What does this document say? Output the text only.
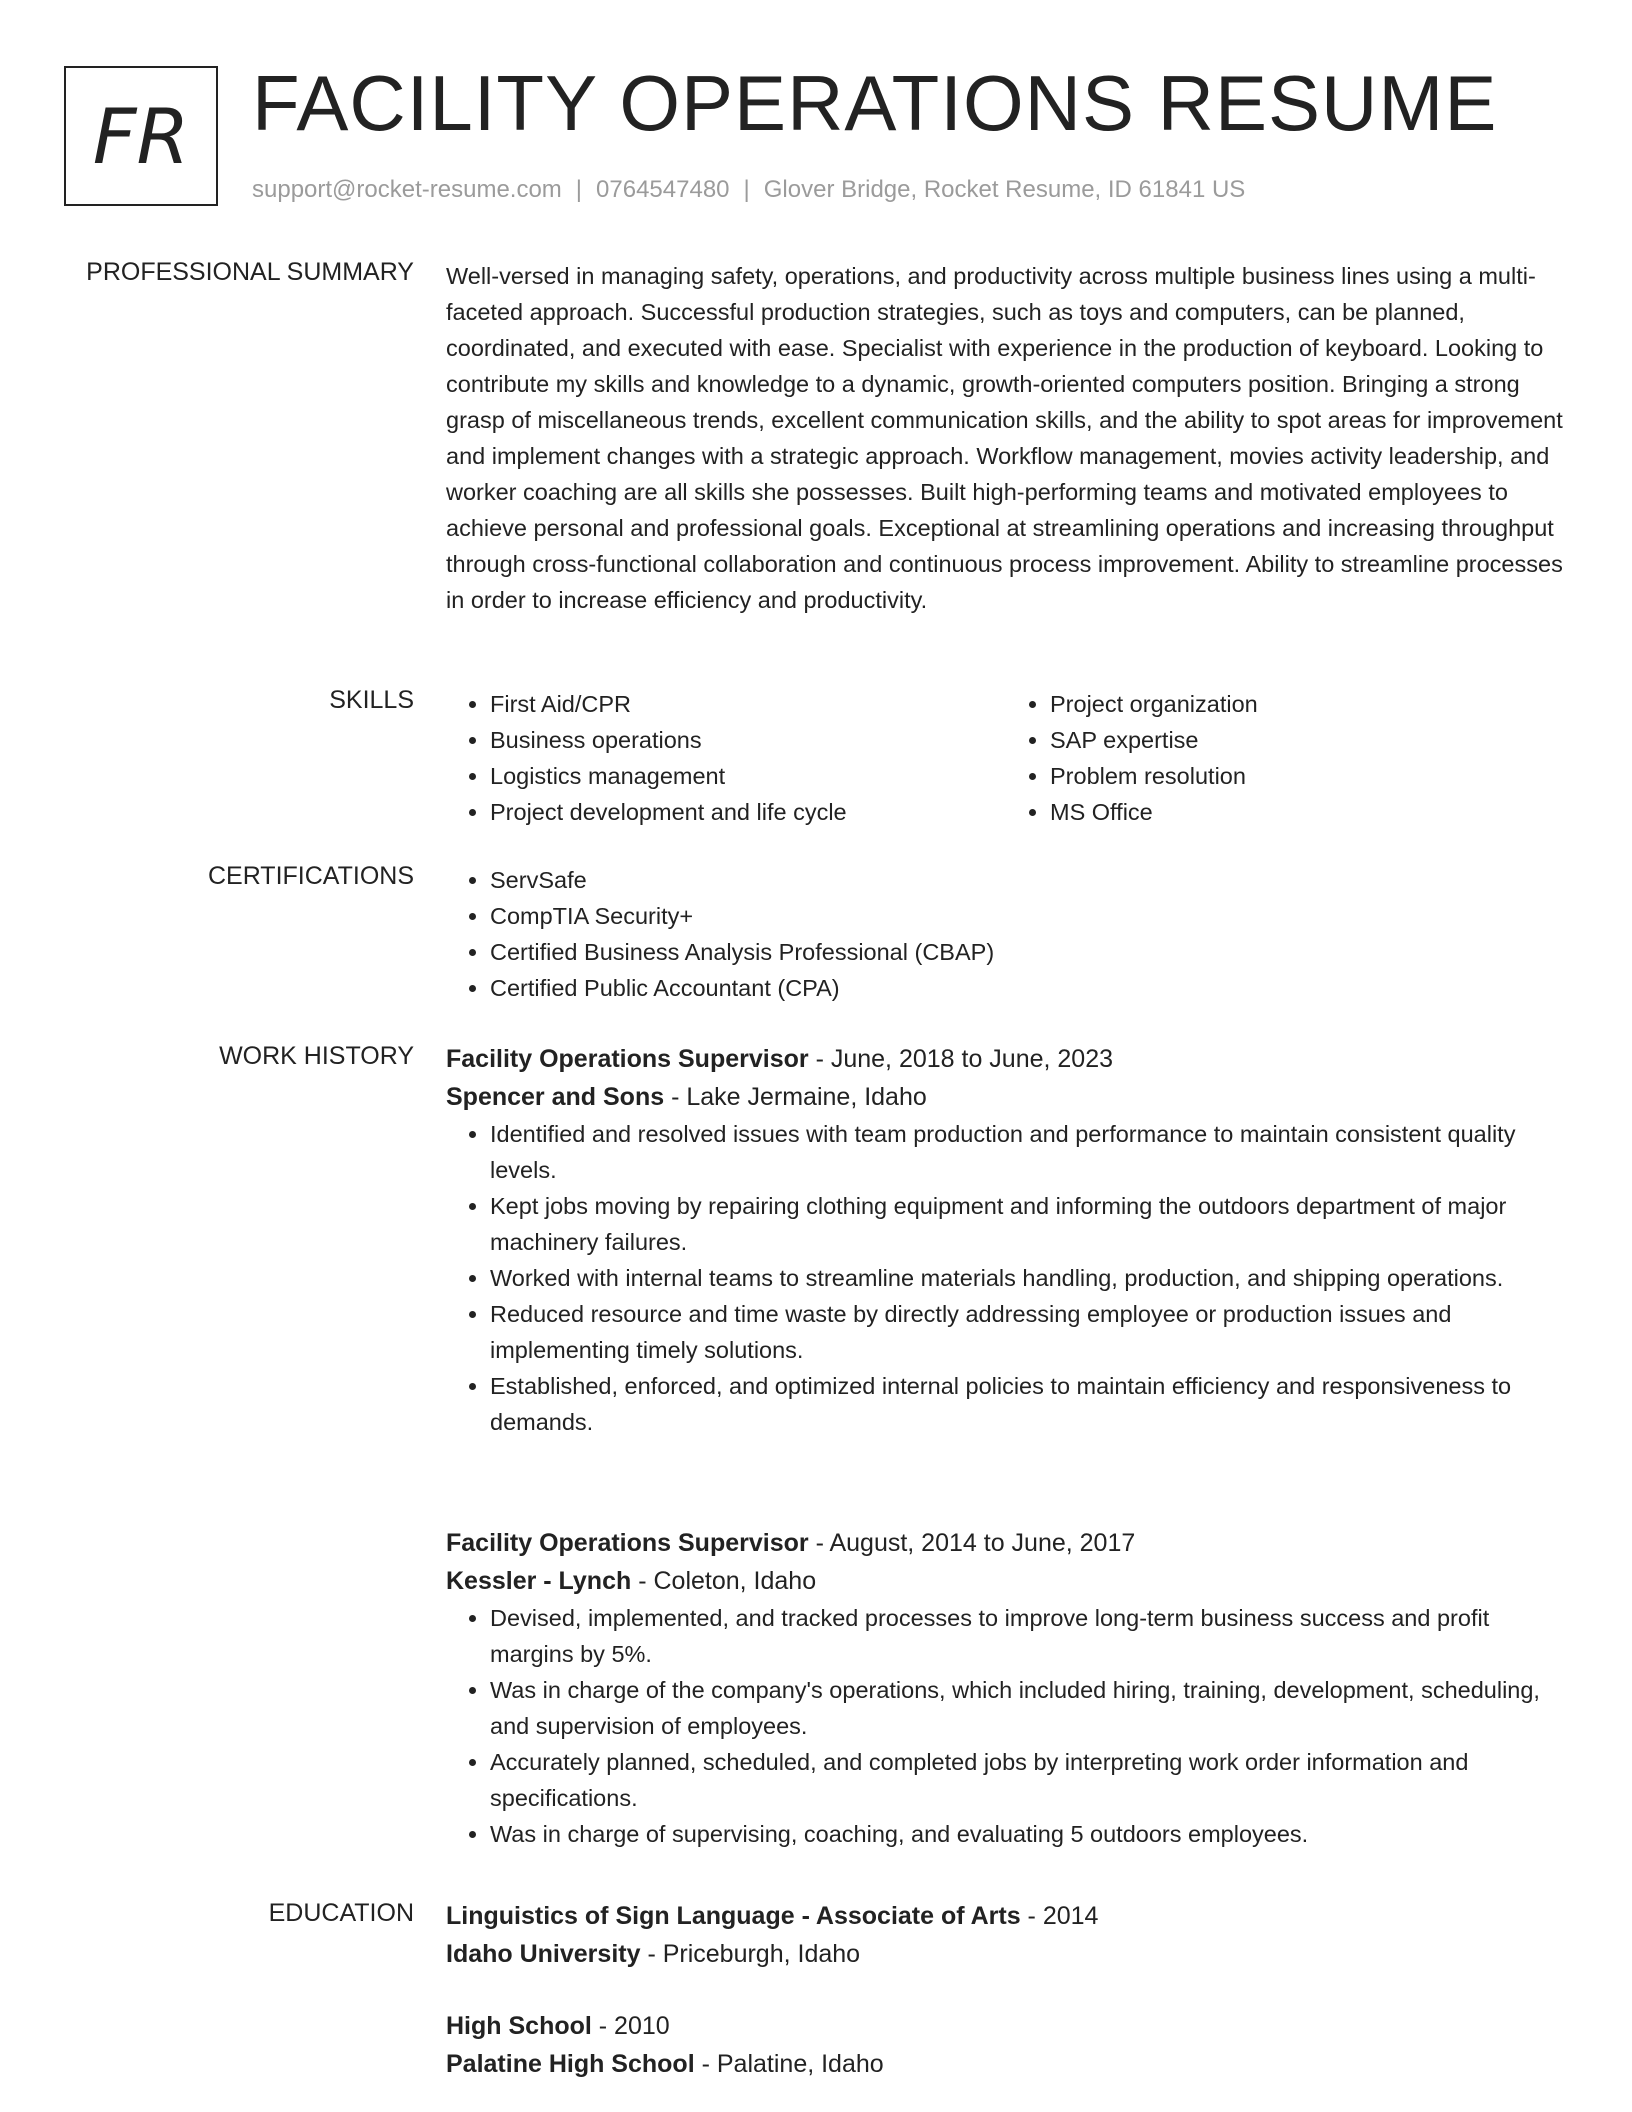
FR FACILITY OPERATIONS RESUME
support@rocket-resume.com | 0764547480 | Glover Bridge, Rocket Resume, ID 61841 US
PROFESSIONAL SUMMARY Well-versed in managing safety, operations, and productivity across multiple business lines using a multi-faceted approach. Successful production strategies, such as toys and computers, can be planned, coordinated, and executed with ease. Specialist with experience in the production of keyboard. Looking to contribute my skills and knowledge to a dynamic, growth-oriented computers position. Bringing a strong grasp of miscellaneous trends, excellent communication skills, and the ability to spot areas for improvement and implement changes with a strategic approach. Workflow management, movies activity leadership, and worker coaching are all skills she possesses. Built high-performing teams and motivated employees to achieve personal and professional goals. Exceptional at streamlining operations and increasing throughput through cross-functional collaboration and continuous process improvement. Ability to streamline processes in order to increase efficiency and productivity.

SKILLS	• First Aid/CPR
• Business operations
• Logistics management
• Project development and life cycle
• Project organization
• SAP expertise
• Problem resolution
• MS Office
CERTIFICATIONS	• ServSafe
• CompTIA Security+
• Certified Business Analysis Professional (CBAP)
• Certified Public Accountant (CPA)
WORK HISTORY Facility Operations Supervisor - June, 2018 to June, 2023

Spencer and Sons - Lake Jermaine, Idaho

• Identified and resolved issues with team production and performance to maintain consistent quality levels.
• Kept jobs moving by repairing clothing equipment and informing the outdoors department of major machinery failures.
• Worked with internal teams to streamline materials handling, production, and shipping operations.
• Reduced resource and time waste by directly addressing employee or production issues and implementing timely solutions.
• Established, enforced, and optimized internal policies to maintain efficiency and responsiveness to demands.

Facility Operations Supervisor - August, 2014 to June, 2017

Kessler - Lynch - Coleton, Idaho

• Devised, implemented, and tracked processes to improve long-term business success and profit margins by 5%.
• Was in charge of the company's operations, which included hiring, training, development, scheduling, and supervision of employees.
• Accurately planned, scheduled, and completed jobs by interpreting work order information and specifications.
• Was in charge of supervising, coaching, and evaluating 5 outdoors employees.
EDUCATION Linguistics of Sign Language - Associate of Arts - 2014

Idaho University - Priceburgh, Idaho

High School - 2010

Palatine High School - Palatine, Idaho
